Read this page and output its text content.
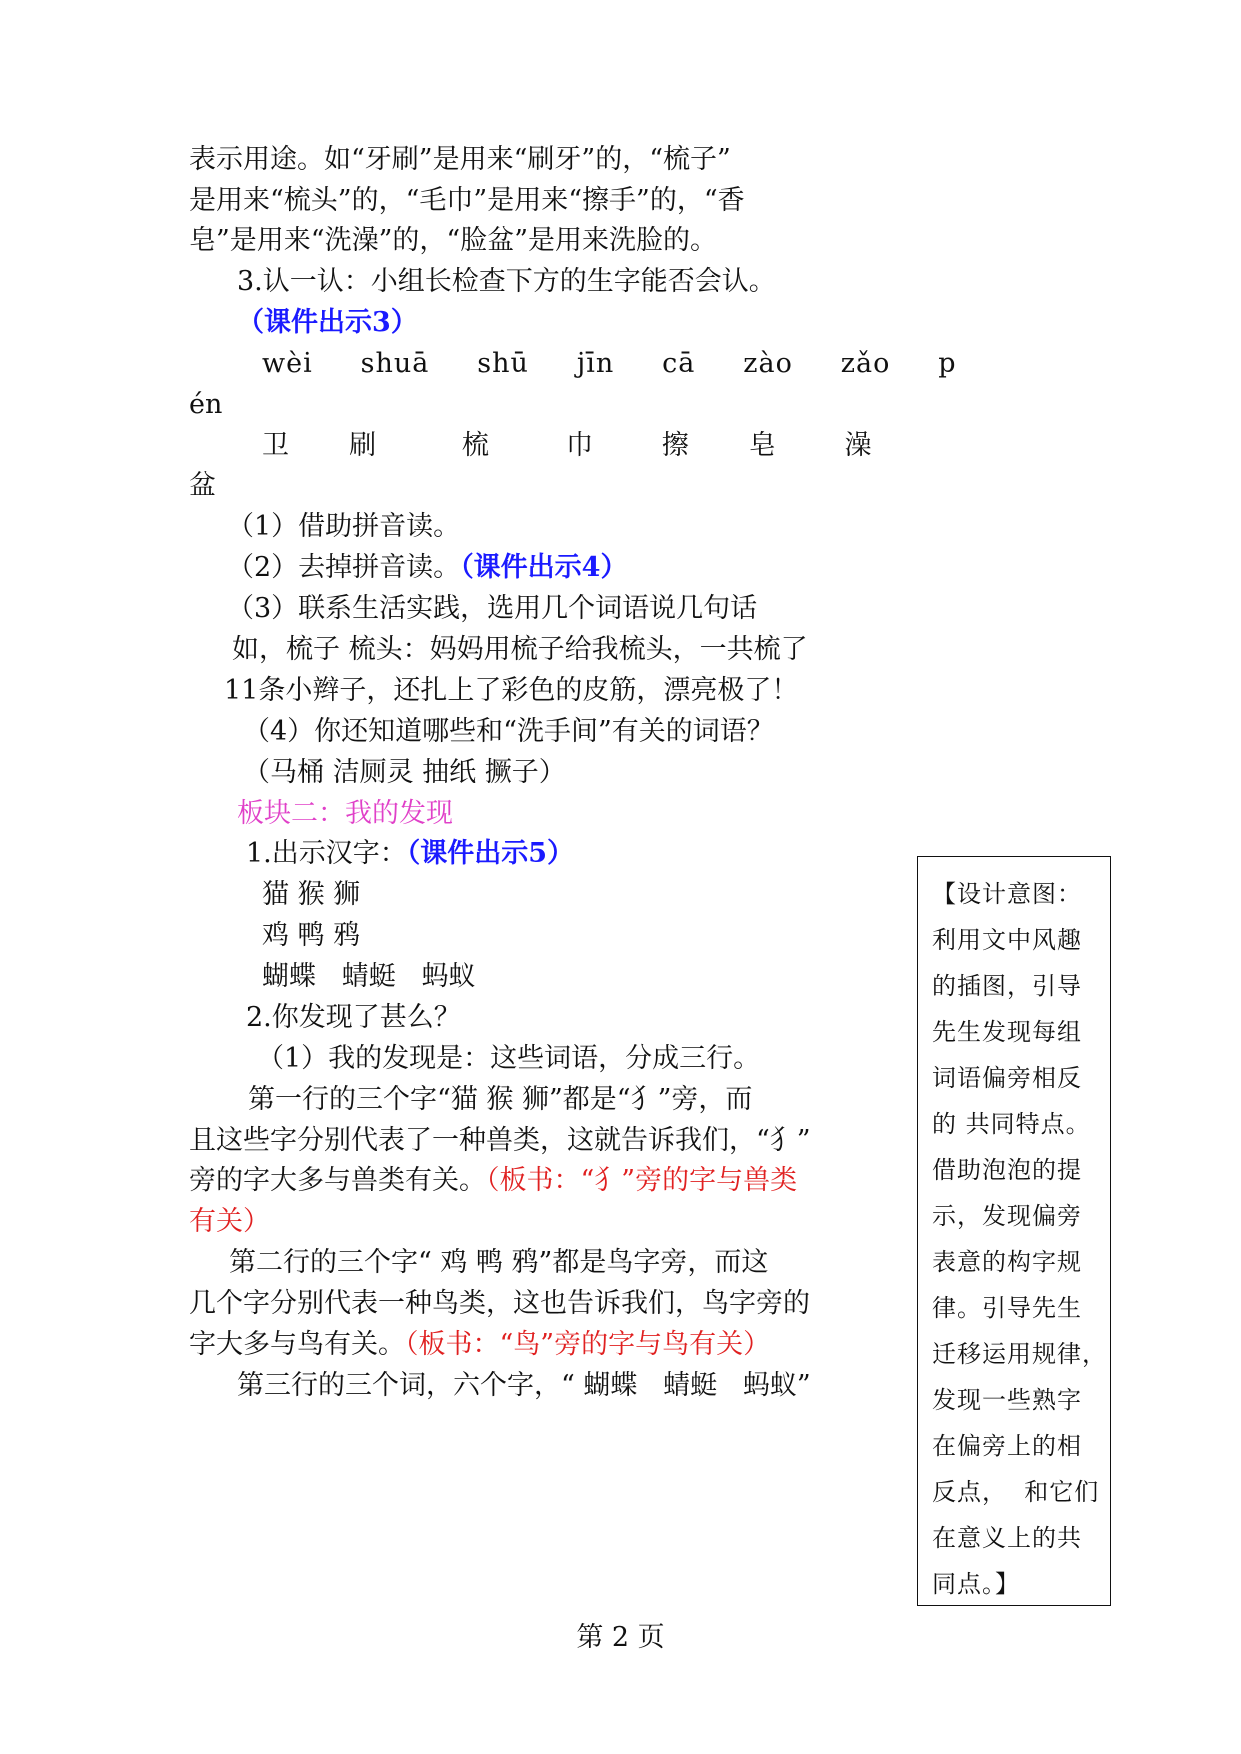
表示用途。如“牙刷”是用来“刷牙”的，“梳子”
是用来“梳头”的，“毛巾”是用来“擦手”的，“香
皂”是用来“洗澡”的，“脸盆”是用来洗脸的。
3.认一认：小组长检查下方的生字能否会认。
（课件出示3）
wèi     shuā     shū     jīn     cā     zào     zǎo     p
én
卫       刷          梳         巾        擦       皂        澡
盆
（1）借助拼音读。
（2）去掉拼音读。（课件出示4）
（3）联系生活实践，选用几个词语说几句话
如，梳子 梳头：妈妈用梳子给我梳头，一共梳了
11条小辫子，还扎上了彩色的皮筋，漂亮极了！
（4）你还知道哪些和“洗手间”有关的词语？
（马桶 洁厕灵 抽纸 撅子）
板块二：我的发现
1.出示汉字：（课件出示5）
猫 猴 狮
鸡 鸭 鸦
蝴蝶   蜻蜓   蚂蚁
2.你发现了甚么？
（1）我的发现是：这些词语，分成三行。
第一行的三个字“猫 猴 狮”都是“犭”旁，而
且这些字分别代表了一种兽类，这就告诉我们，“犭”
旁的字大多与兽类有关。（板书：“犭”旁的字与兽类
有关）
第二行的三个字“ 鸡 鸭 鸦”都是鸟字旁，而这
几个字分别代表一种鸟类，这也告诉我们，鸟字旁的
字大多与鸟有关。（板书：“鸟”旁的字与鸟有关）
第三行的三个词，六个字，“ 蝴蝶   蜻蜓   蚂蚁”
【设计意图：
利用文中风趣
的插图，引导
先生发现每组
词语偏旁相反
的 共同特点。
借助泡泡的提
示，发现偏旁
表意的构字规
律。引导先生
迁移运用规律，
发现一些熟字
在偏旁上的相
反点，  和它们
在意义上的共
同点。】
第 2 页
